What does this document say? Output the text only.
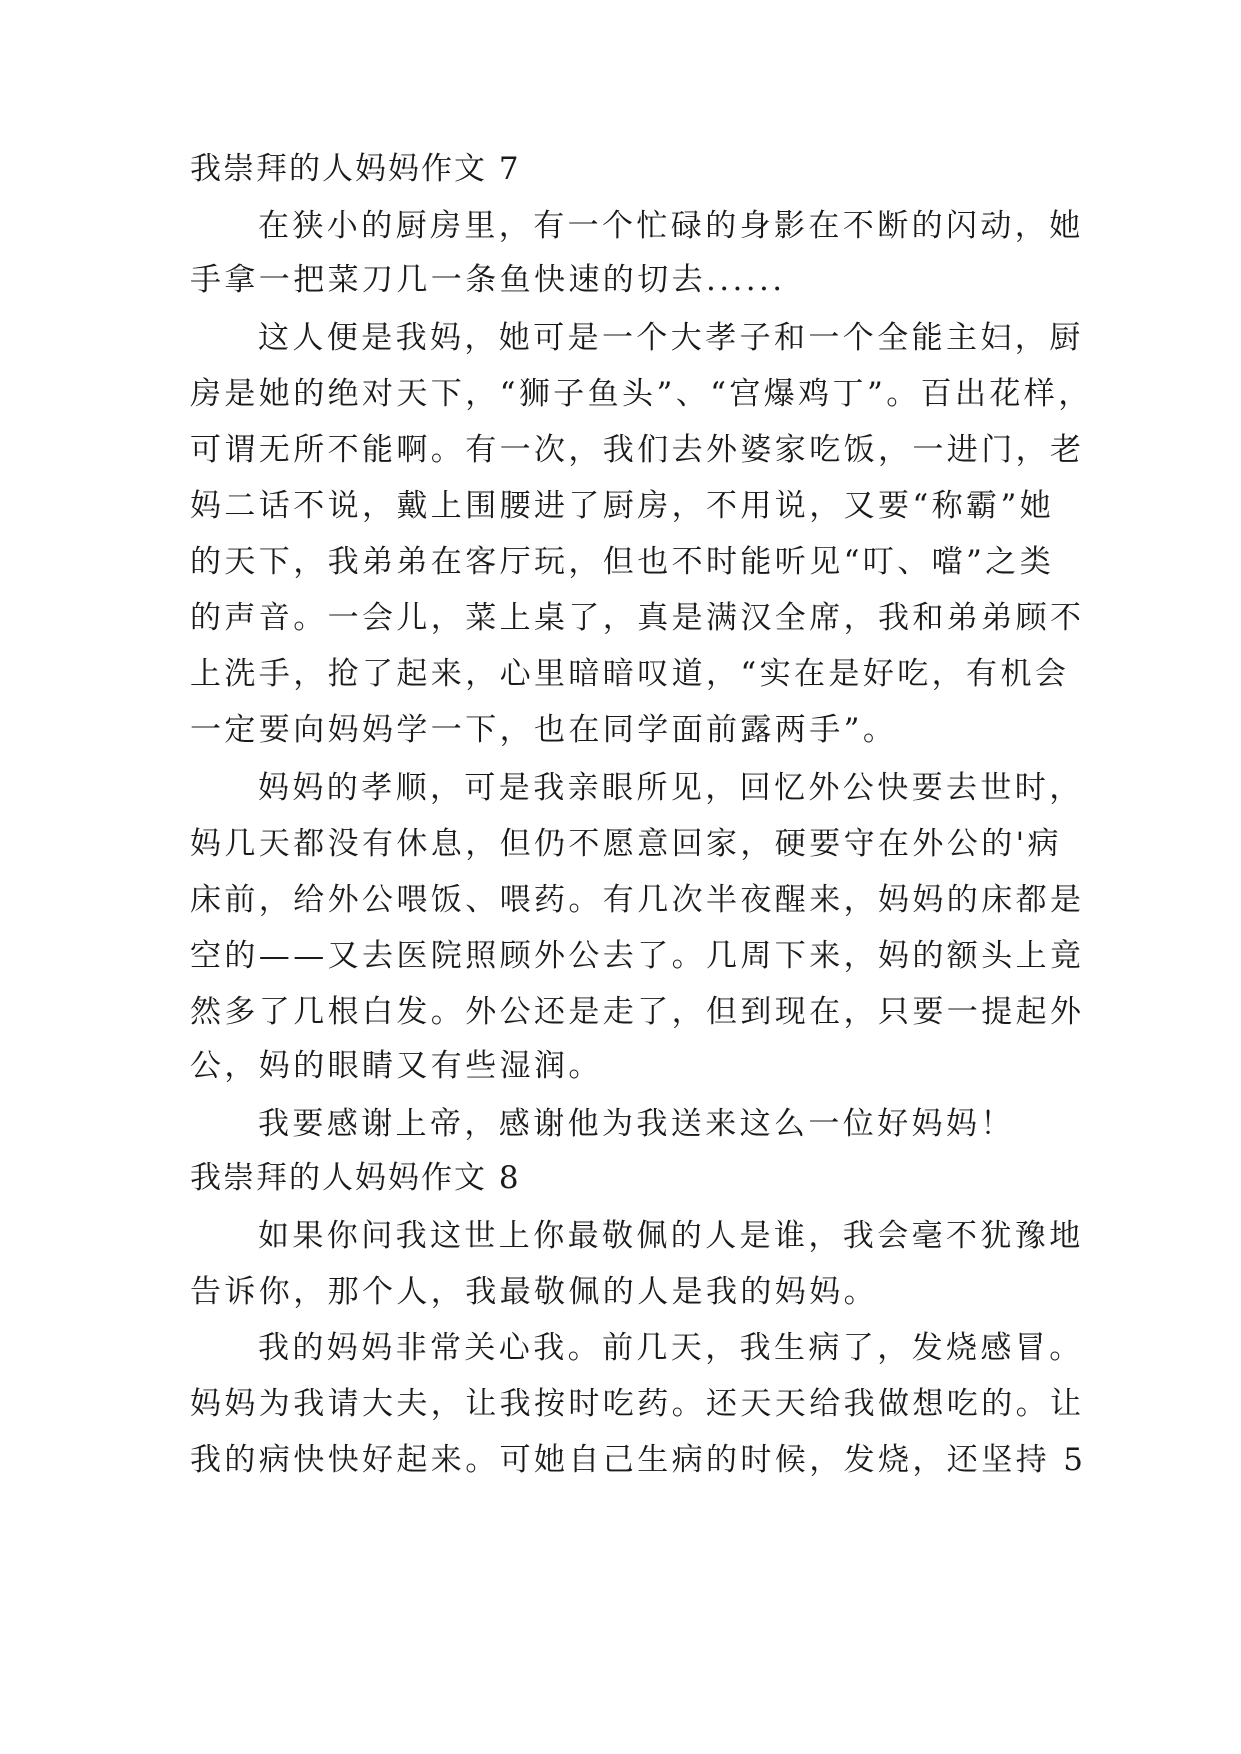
我崇拜的人妈妈作文 7
在狭小的厨房里，有一个忙碌的身影在不断的闪动，她
手拿一把菜刀几一条鱼快速的切去......
这人便是我妈，她可是一个大孝子和一个全能主妇，厨
房是她的绝对天下，“狮子鱼头”、“宫爆鸡丁”。百出花样，
可谓无所不能啊。有一次，我们去外婆家吃饭，一进门，老
妈二话不说，戴上围腰进了厨房，不用说，又要“称霸”她
的天下，我弟弟在客厅玩，但也不时能听见“叮、噹”之类
的声音。一会儿，菜上桌了，真是满汉全席，我和弟弟顾不
上洗手，抢了起来，心里暗暗叹道，“实在是好吃，有机会
一定要向妈妈学一下，也在同学面前露两手”。
妈妈的孝顺，可是我亲眼所见，回忆外公快要去世时，
妈几天都没有休息，但仍不愿意回家，硬要守在外公的'病
床前，给外公喂饭、喂药。有几次半夜醒来，妈妈的床都是
空的——又去医院照顾外公去了。几周下来，妈的额头上竟
然多了几根白发。外公还是走了，但到现在，只要一提起外
公，妈的眼睛又有些湿润。
我要感谢上帝，感谢他为我送来这么一位好妈妈！
我崇拜的人妈妈作文 8
如果你问我这世上你最敬佩的人是谁，我会毫不犹豫地
告诉你，那个人，我最敬佩的人是我的妈妈。
我的妈妈非常关心我。前几天，我生病了，发烧感冒。
妈妈为我请大夫，让我按时吃药。还天天给我做想吃的。让
我的病快快好起来。可她自己生病的时候，发烧，还坚持 5
